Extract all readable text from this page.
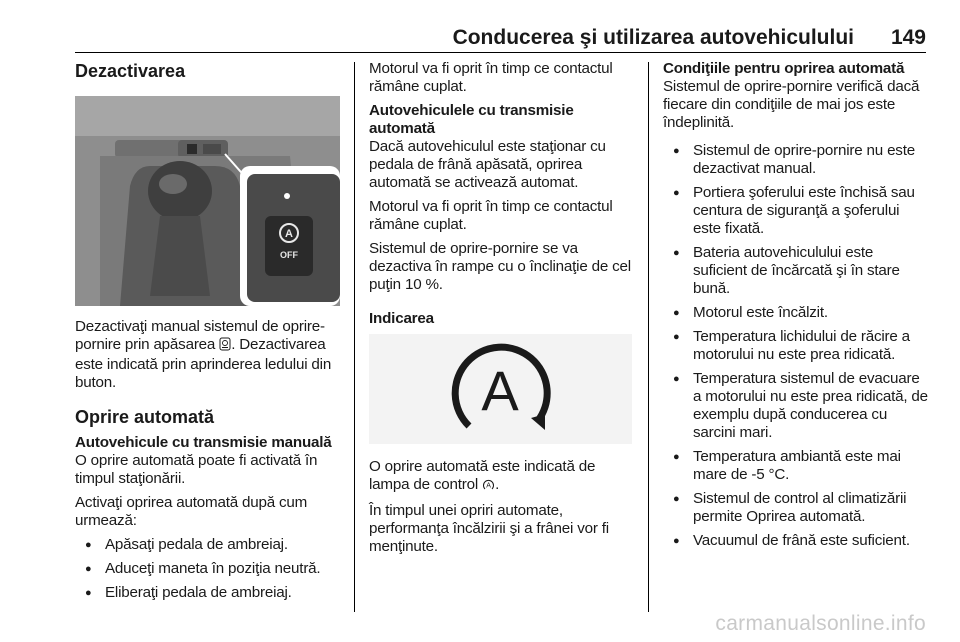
Conducerea şi utilizarea autovehiculului 149
Dezactivarea
A
OFF

Dezactivaţi manual sistemul de oprire-pornire prin apăsarea . Dezactivarea este indicată prin aprinderea ledului din buton.

Oprire automată
Autovehicule cu transmisie manuală

O oprire automată poate fi activată în timpul staţionării.

Activaţi oprirea automată după cum urmează:

● Apăsaţi pedala de ambreiaj.
● Aduceţi maneta în poziţia neutră.
● Eliberaţi pedala de ambreiaj.

Motorul va fi oprit în timp ce contactul rămâne cuplat.

Autovehiculele cu transmisie automată

Dacă autovehiculul este staţionar cu pedala de frână apăsată, oprirea automată se activează automat.

Motorul va fi oprit în timp ce contactul rămâne cuplat.

Sistemul de oprire-pornire se va dezactiva în rampe cu o înclinaţie de cel puţin 10 %.

Indicarea
A

O oprire automată este indicată de lampa de control A .

În timpul unei opriri automate, performanţa încălzirii şi a frânei vor fi menţinute.

Condiţiile pentru oprirea automată

Sistemul de oprire-pornire verifică dacă fiecare din condiţiile de mai jos este îndeplinită.

● Sistemul de oprire-pornire nu este dezactivat manual.
● Portiera şoferului este închisă sau centura de siguranţă a şoferului este fixată.
● Bateria autovehiculului este suficient de încărcată şi în stare bună.
● Motorul este încălzit.
● Temperatura lichidului de răcire a motorului nu este prea ridicată.
● Temperatura sistemul de evacuare a motorului nu este prea ridicată, de exemplu după conducerea cu sarcini mari.
● Temperatura ambiantă este mai mare de -5 °C.
● Sistemul de control al climatizării permite Oprirea automată.
● Vacuumul de frână este suficient.
carmanualsonline.info
